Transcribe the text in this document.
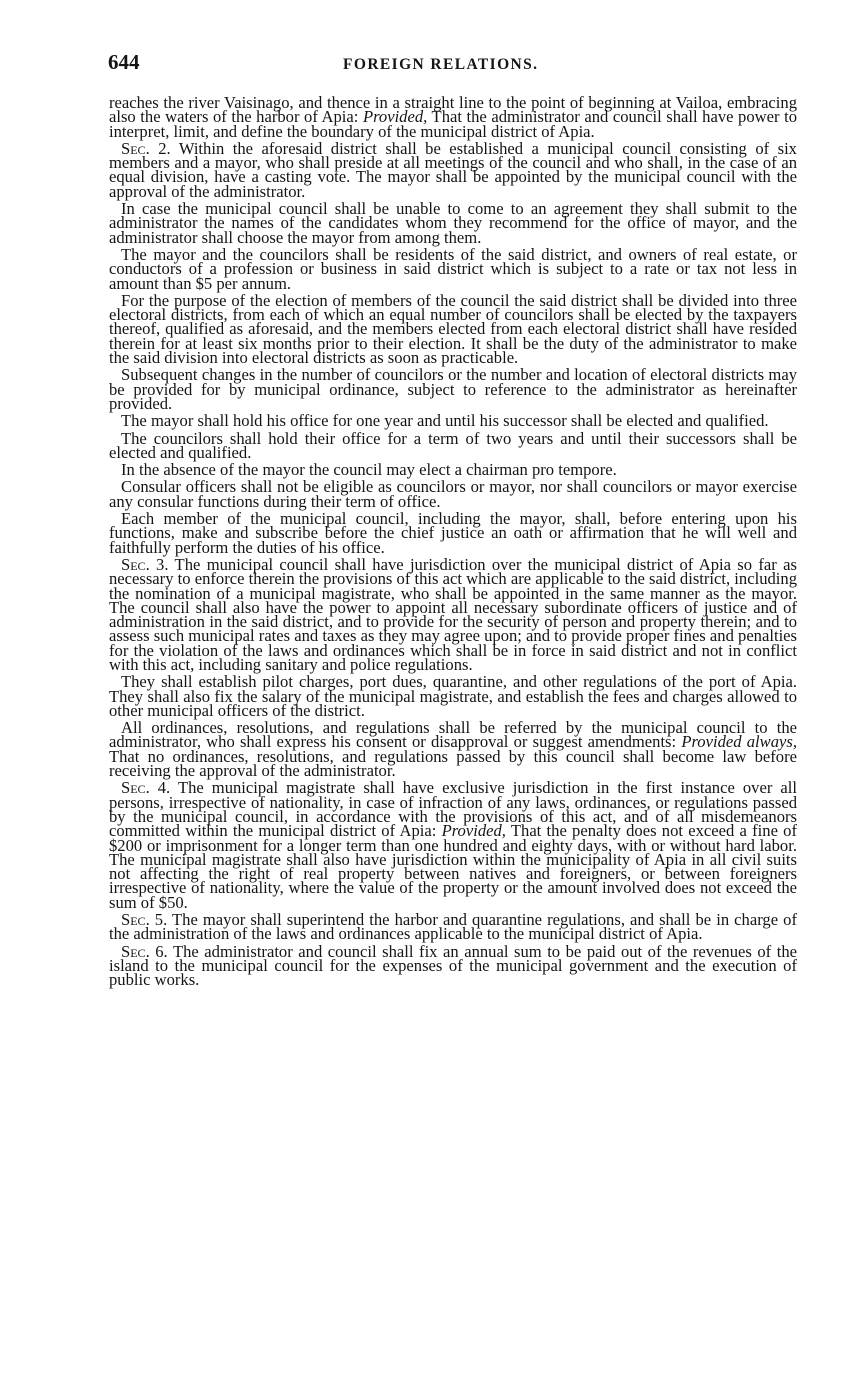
644	FOREIGN RELATIONS.

reaches the river Vaisinago, and thence in a straight line to the point of beginning at Vailoa, embracing also the waters of the harbor of Apia: Provided, That the administrator and council shall have power to interpret, limit, and define the boundary of the municipal district of Apia.

Sec. 2. Within the aforesaid district shall be established a municipal council consisting of six members and a mayor, who shall preside at all meetings of the council and who shall, in the case of an equal division, have a casting vote. The mayor shall be appointed by the municipal council with the approval of the administrator.

In case the municipal council shall be unable to come to an agreement they shall submit to the administrator the names of the candidates whom they recommend for the office of mayor, and the administrator shall choose the mayor from among them.

The mayor and the councilors shall be residents of the said district, and owners of real estate, or conductors of a profession or business in said district which is subject to a rate or tax not less in amount than $5 per annum.

For the purpose of the election of members of the council the said district shall be divided into three electoral districts, from each of which an equal number of councilors shall be elected by the taxpayers thereof, qualified as aforesaid, and the members elected from each electoral district shall have resided therein for at least six months prior to their election. It shall be the duty of the administrator to make the said division into electoral districts as soon as practicable.

Subsequent changes in the number of councilors or the number and location of electoral districts may be provided for by municipal ordinance, subject to reference to the administrator as hereinafter provided.

The mayor shall hold his office for one year and until his successor shall be elected and qualified.

The councilors shall hold their office for a term of two years and until their successors shall be elected and qualified.

In the absence of the mayor the council may elect a chairman pro tempore.

Consular officers shall not be eligible as councilors or mayor, nor shall councilors or mayor exercise any consular functions during their term of office.

Each member of the municipal council, including the mayor, shall, before entering upon his functions, make and subscribe before the chief justice an oath or affirmation that he will well and faithfully perform the duties of his office.

Sec. 3. The municipal council shall have jurisdiction over the municipal district of Apia so far as necessary to enforce therein the provisions of this act which are applicable to the said district, including the nomination of a municipal magistrate, who shall be appointed in the same manner as the mayor. The council shall also have the power to appoint all necessary subordinate officers of justice and of administration in the said district, and to provide for the security of person and property therein; and to assess such municipal rates and taxes as they may agree upon; and to provide proper fines and penalties for the violation of the laws and ordinances which shall be in force in said district and not in conflict with this act, including sanitary and police regulations.

They shall establish pilot charges, port dues, quarantine, and other regulations of the port of Apia. They shall also fix the salary of the municipal magistrate, and establish the fees and charges allowed to other municipal officers of the district.

All ordinances, resolutions, and regulations shall be referred by the municipal council to the administrator, who shall express his consent or disapproval or suggest amendments: Provided always, That no ordinances, resolutions, and regulations passed by this council shall become law before receiving the approval of the administrator.

Sec. 4. The municipal magistrate shall have exclusive jurisdiction in the first instance over all persons, irrespective of nationality, in case of infraction of any laws, ordinances, or regulations passed by the municipal council, in accordance with the provisions of this act, and of all misdemeanors committed within the municipal district of Apia: Provided, That the penalty does not exceed a fine of $200 or imprisonment for a longer term than one hundred and eighty days, with or without hard labor. The municipal magistrate shall also have jurisdiction within the municipality of Apia in all civil suits not affecting the right of real property between natives and foreigners, or between foreigners irrespective of nationality, where the value of the property or the amount involved does not exceed the sum of $50.

Sec. 5. The mayor shall superintend the harbor and quarantine regulations, and shall be in charge of the administration of the laws and ordinances applicable to the municipal district of Apia.

Sec. 6. The administrator and council shall fix an annual sum to be paid out of the revenues of the island to the municipal council for the expenses of the municipal government and the execution of public works.
